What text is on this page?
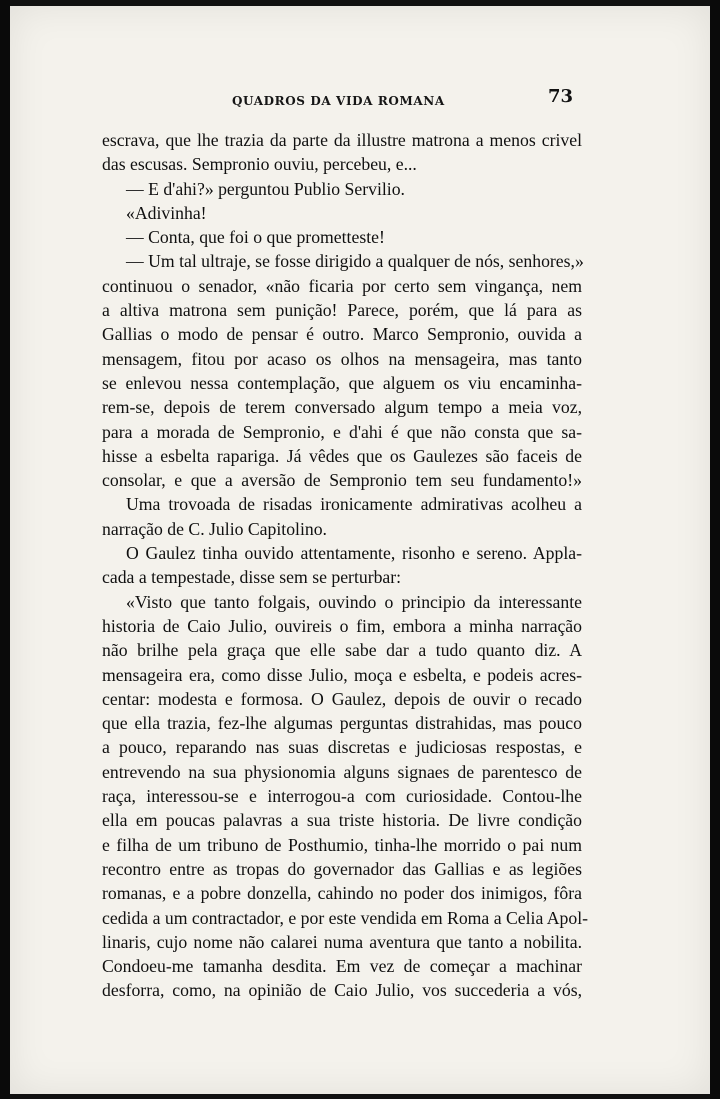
QUADROS DA VIDA ROMANA	73
escrava, que lhe trazia da parte da illustre matrona a menos crivel
das escusas. Sempronio ouviu, percebeu, e...
— E d'ahi?» perguntou Publio Servilio.
«Adivinha!
— Conta, que foi o que prometteste!
— Um tal ultraje, se fosse dirigido a qualquer de nós, senhores,»
continuou o senador, «não ficaria por certo sem vingança, nem
a altiva matrona sem punição! Parece, porém, que lá para as
Gallias o modo de pensar é outro. Marco Sempronio, ouvida a
mensagem, fitou por acaso os olhos na mensageira, mas tanto
se enlevou nessa contemplação, que alguem os viu encaminha-
rem-se, depois de terem conversado algum tempo a meia voz,
para a morada de Sempronio, e d'ahi é que não consta que sa-
hisse a esbelta rapariga. Já vêdes que os Gaulezes são faceis de
consolar, e que a aversão de Sempronio tem seu fundamento!»
Uma trovoada de risadas ironicamente admirativas acolheu a
narração de C. Julio Capitolino.
O Gaulez tinha ouvido attentamente, risonho e sereno. Appla-
cada a tempestade, disse sem se perturbar:
«Visto que tanto folgais, ouvindo o principio da interessante
historia de Caio Julio, ouvireis o fim, embora a minha narração
não brilhe pela graça que elle sabe dar a tudo quanto diz. A
mensageira era, como disse Julio, moça e esbelta, e podeis acres-
centar: modesta e formosa. O Gaulez, depois de ouvir o recado
que ella trazia, fez-lhe algumas perguntas distrahidas, mas pouco
a pouco, reparando nas suas discretas e judiciosas respostas, e
entrevendo na sua physionomia alguns signaes de parentesco de
raça, interessou-se e interrogou-a com curiosidade. Contou-lhe
ella em poucas palavras a sua triste historia. De livre condição
e filha de um tribuno de Posthumio, tinha-lhe morrido o pai num
recontro entre as tropas do governador das Gallias e as legiões
romanas, e a pobre donzella, cahindo no poder dos inimigos, fôra
cedida a um contractador, e por este vendida em Roma a Celia Apol-
linaris, cujo nome não calarei numa aventura que tanto a nobilita.
Condoeu-me tamanha desdita. Em vez de começar a machinar
desforra, como, na opinião de Caio Julio, vos succederia a vós,
